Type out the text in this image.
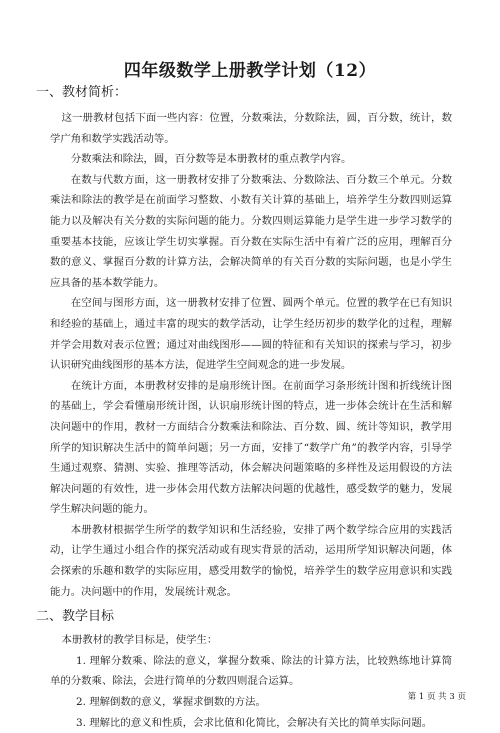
四年级数学上册教学计划（12）
一、教材简析：

这一册教材包括下面一些内容：位置，分数乘法，分数除法，圆，百分数，统计，数学广角和数学实践活动等。

分数乘法和除法，圆，百分数等是本册教材的重点教学内容。

在数与代数方面，这一册教材安排了分数乘法、分数除法、百分数三个单元。分数乘法和除法的教学是在前面学习整数、小数有关计算的基础上，培养学生分数四则运算能力以及解决有关分数的实际问题的能力。分数四则运算能力是学生进一步学习数学的重要基本技能，应该让学生切实掌握。百分数在实际生活中有着广泛的应用，理解百分数的意义、掌握百分数的计算方法，会解决简单的有关百分数的实际问题，也是小学生应具备的基本数学能力。

在空间与图形方面，这一册教材安排了位置、圆两个单元。位置的教学在已有知识和经验的基础上，通过丰富的现实的数学活动，让学生经历初步的数学化的过程，理解并学会用数对表示位置；通过对曲线图形——圆的特征和有关知识的探索与学习，初步认识研究曲线图形的基本方法，促进学生空间观念的进一步发展。

在统计方面，本册教材安排的是扇形统计图。在前面学习条形统计图和折线统计图的基础上，学会看懂扇形统计图，认识扇形统计图的特点，进一步体会统计在生活和解决问题中的作用，教材一方面结合分数乘法和除法、百分数、圆、统计等知识，教学用所学的知识解决生活中的简单问题；另一方面，安排了“数学广角”的教学内容，引导学生通过观察、猜测、实验、推理等活动，体会解决问题策略的多样性及运用假设的方法解决问题的有效性，进一步体会用代数方法解决问题的优越性，感受数学的魅力，发展学生解决问题的能力。

本册教材根据学生所学的数学知识和生活经验，安排了两个数学综合应用的实践活动，让学生通过小组合作的探究活动或有现实背景的活动，运用所学知识解决问题，体会探索的乐趣和数学的实际应用，感受用数学的愉悦，培养学生的数学应用意识和实践能力。决问题中的作用，发展统计观念。

二、教学目标

本册教材的教学目标是，使学生：

1. 理解分数乘、除法的意义，掌握分数乘、除法的计算方法，比较熟练地计算简单的分数乘、除法，会进行简单的分数四则混合运算。

2. 理解倒数的意义，掌握求倒数的方法。

3. 理解比的意义和性质，会求比值和化简比，会解决有关比的简单实际问题。

第 1 页 共 3 页
